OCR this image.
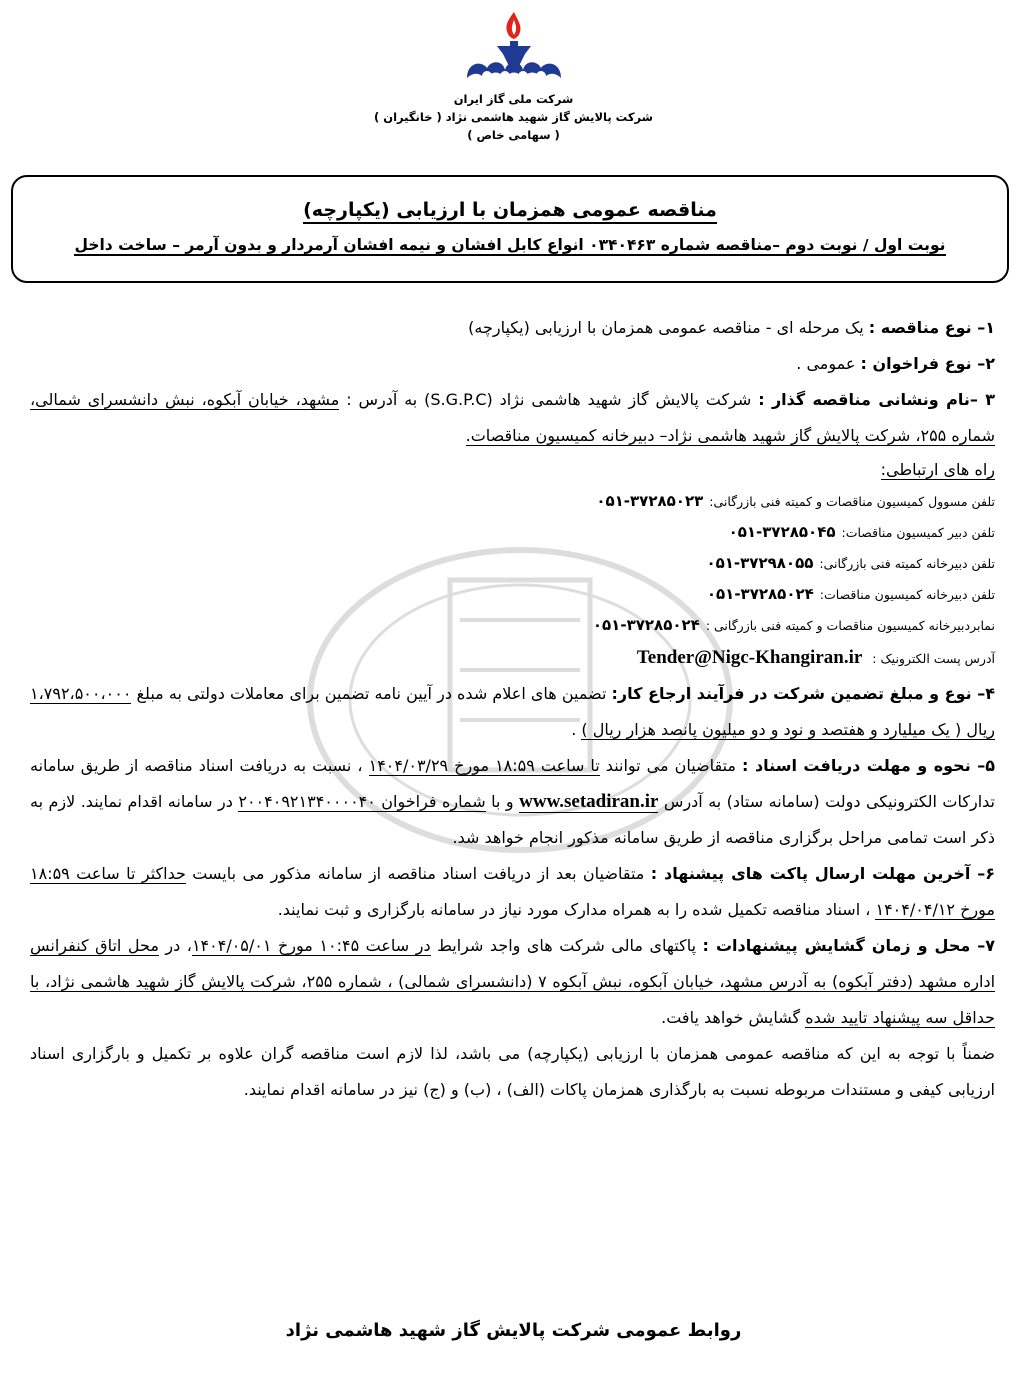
شرکت ملی گاز ایران
شرکت پالایش گاز شهید هاشمی نژاد ( خانگیران )
( سهامی خاص )
مناقصه عمومی همزمان با ارزیابی (یکپارچه)
نوبت اول / نوبت دوم –مناقصه شماره ۰۳۴۰۴۶۳ انواع کابل افشان و نیمه افشان آرمردار و بدون آرمر – ساخت داخل

۱– نوع مناقصه : یک مرحله ای - مناقصه عمومی همزمان با ارزیابی (یکپارچه)

۲– نوع فراخوان : عمومی .

۳ –نام ونشانی مناقصه گذار : شرکت پالایش گاز شهید هاشمی نژاد (S.G.P.C) به آدرس : مشهد، خیابان آبکوه، نبش دانشسرای شمالی، شماره ۲۵۵، شرکت پالایش گاز شهید هاشمی نژاد– دبیرخانه کمیسیون مناقصات.

راه های ارتباطی:
تلفن مسوول کمیسیون مناقصات و کمیته فنی بازرگانی:۳۷۲۸۵۰۲۳-۰۵۱
تلفن دبیر کمیسیون مناقصات:۳۷۲۸۵۰۴۵-۰۵۱
تلفن دبیرخانه کمیته فنی بازرگانی:۳۷۲۹۸۰۵۵-۰۵۱
تلفن دبیرخانه کمیسیون مناقصات:۳۷۲۸۵۰۲۴-۰۵۱
نمابردبیرخانه کمیسیون مناقصات و کمیته فنی بازرگانی :۳۷۲۸۵۰۲۴-۰۵۱
آدرس پست الکترونیک :Tender@Nigc-Khangiran.ir

۴– نوع و مبلغ تضمین شرکت در فرآیند ارجاع کار: تضمین های اعلام شده در آیین نامه تضمین برای معاملات دولتی به مبلغ ۱،۷۹۲،۵۰۰،۰۰۰ ریال ( یک میلیارد و هفتصد و نود و دو میلیون پانصد هزار ریال ) .

۵– نحوه و مهلت دریافت اسناد : متقاضیان می توانند تا ساعت ۱۸:۵۹ مورخ ۱۴۰۴/۰۳/۲۹ ، نسبت به دریافت اسناد مناقصه از طریق سامانه تدارکات الکترونیکی دولت (سامانه ستاد) به آدرس www.setadiran.ir و با شماره فراخوان ۲۰۰۴۰۹۲۱۳۴۰۰۰۰۴۰ در سامانه اقدام نمایند. لازم به ذکر است تمامی مراحل برگزاری مناقصه از طریق سامانه مذکور انجام خواهد شد.

۶– آخرین مهلت ارسال پاکت های پیشنهاد : متقاضیان بعد از دریافت اسناد مناقصه از سامانه مذکور می بایست حداکثر تا ساعت ۱۸:۵۹ مورخ ۱۴۰۴/۰۴/۱۲ ، اسناد مناقصه تکمیل شده را به همراه مدارک مورد نیاز در سامانه بارگزاری و ثبت نمایند.

۷– محل و زمان گشایش پیشنهادات : پاکتهای مالی شرکت های واجد شرایط در ساعت ۱۰:۴۵ مورخ ۱۴۰۴/۰۵/۰۱، در محل اتاق کنفرانس اداره مشهد (دفتر آبکوه) به آدرس مشهد، خیابان آبکوه، نبش آبکوه ۷ (دانشسرای شمالی) ، شماره ۲۵۵، شرکت پالایش گاز شهید هاشمی نژاد، با حداقل سه پیشنهاد تایید شده گشایش خواهد یافت.

ضمناً با توجه به این که مناقصه عمومی همزمان با ارزیابی (یکپارچه) می باشد، لذا لازم است مناقصه گران علاوه بر تکمیل و بارگزاری اسناد ارزیابی کیفی و مستندات مربوطه نسبت به بارگذاری همزمان پاکات (الف) ، (ب) و (ج) نیز در سامانه اقدام نمایند.

روابط عمومی شرکت پالایش گاز شهید هاشمی نژاد
